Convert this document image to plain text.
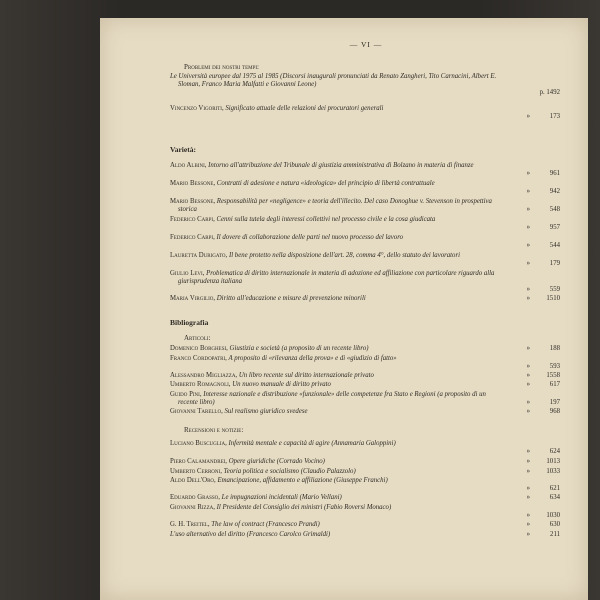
— VI —
Problemi dei nostri tempi:
Le Università europee dal 1975 al 1985 (Discorsi inaugurali pronunciati da Renato Zangheri, Tito Carnacini, Albert E. Sloman, Franco Maria Malfatti e Giovanni Leone)
p. 1492
Vincenzo Vigoriti, Significato attuale delle relazioni dei procuratori generali
»	173
Varietà:
Aldo Albini, Intorno all'attribuzione del Tribunale di giustizia amministrativa di Bolzano in materia di finanze
»	961
Mario Bessone, Contratti di adesione e natura «ideologica» del principio di libertà contrattuale
»	942
Mario Bessone, Responsabilità per «negligence» e teoria dell'illecito. Del caso Donoghue v. Stevenson in prospettiva storica	»	548
Federico Carpi, Cenni sulla tutela degli interessi collettivi nel processo civile e la cosa giudicata
»	957
Federico Carpi, Il dovere di collaborazione delle parti nel nuovo processo del lavoro
»	544
Lauretta Durigato, Il bene protetto nella disposizione dell'art. 28, comma 4°, dello statuto dei lavoratori
»	179
Giulio Levi, Problematica di diritto internazionale in materia di adozione ed affiliazione con particolare riguardo alla giurisprudenza italiana
»	559
Maria Virgilio, Diritto all'educazione e misure di prevenzione minorili	»	1510
Bibliografia
Articoli:
Domenico Borghesi, Giustizia e società (a proposito di un recente libro)	»	188
Franco Cordopatri, A proposito di «rilevanza della prova» e di «giudizio di fatto»
»	593
Alessandro Migliazza, Un libro recente sul diritto internazionale privato	»	1558
Umberto Romagnoli, Un nuovo manuale di diritto privato	»	617
Guido Pini, Interesse nazionale e distribuzione «funzionale» delle competenze fra Stato e Regioni (a proposito di un recente libro)	»	197
Giovanni Tarello, Sul realismo giuridico svedese	»	968
Recensioni e notizie:
Luciano Buscuglia, Infermità mentale e capacità di agire (Annamaria Galoppini)
»	624
Piero Calamandrei, Opere giuridiche (Corrado Vocino)	»	1013
Umberto Cerroni, Teoria politica e socialismo (Claudio Palazzolo)	»	1033
Aldo Dell'Oro, Emancipazione, affidamento e affiliazione (Giuseppe Franchi)
»	621
Eduardo Grasso, Le impugnazioni incidentali (Mario Vellani)	»	634
Giovanni Rizza, Il Presidente del Consiglio dei ministri (Fabio Roversi Monaco)
»	1030
G. H. Treitel, The law of contract (Francesco Prandi)	»	630
L'uso alternativo del diritto (Francesco Carolco Grimaldi)	»	211
